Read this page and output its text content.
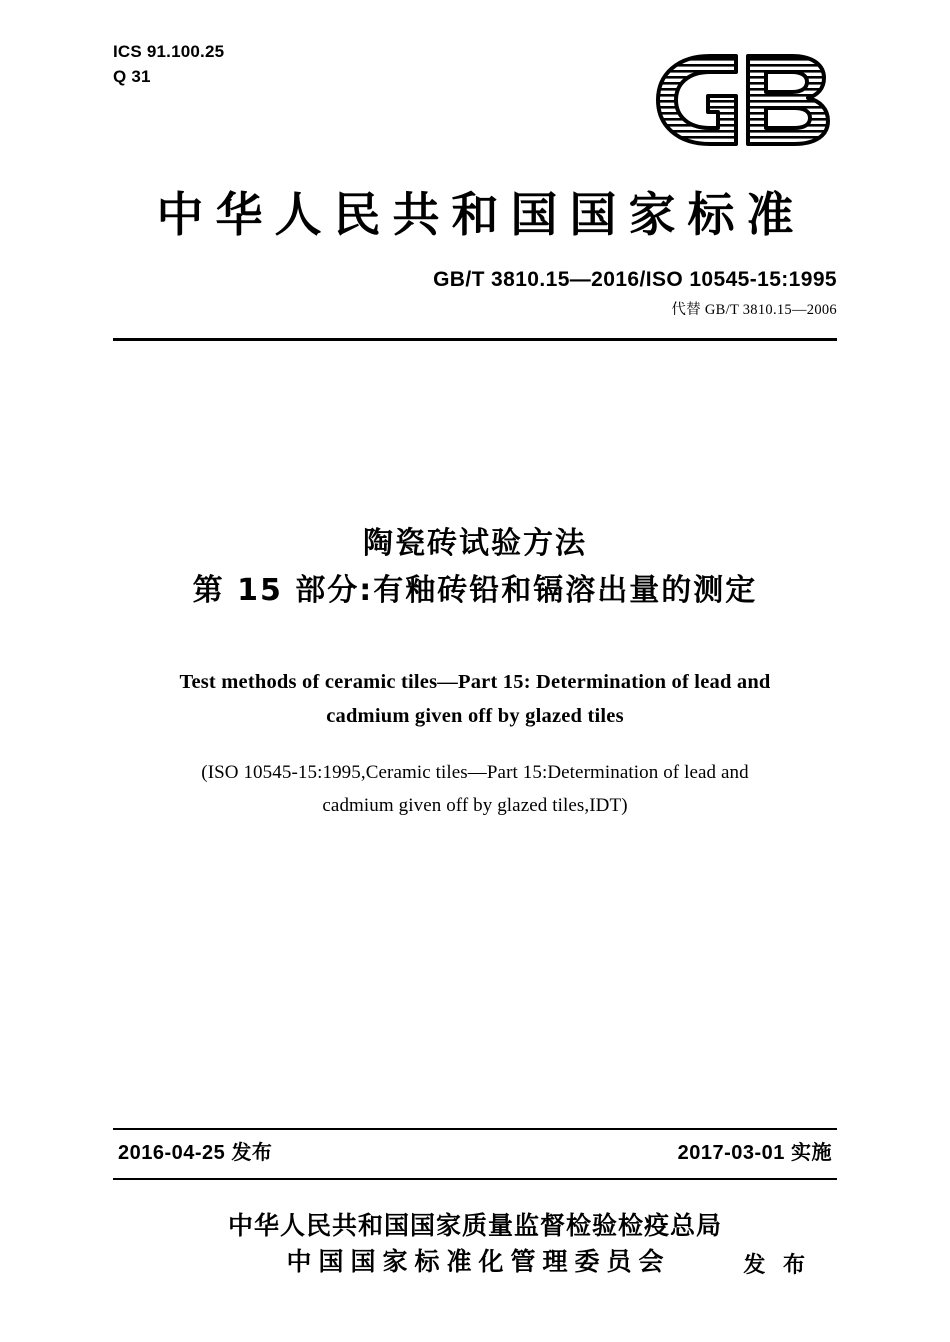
ICS 91.100.25
Q 31
中华人民共和国国家标准
GB/T 3810.15—2016/ISO 10545-15:1995
代替 GB/T 3810.15—2006
陶瓷砖试验方法
第 15 部分:有釉砖铅和镉溶出量的测定
Test methods of ceramic tiles—Part 15: Determination of lead and
cadmium given off by glazed tiles
(ISO 10545-15:1995,Ceramic tiles—Part 15:Determination of lead and
cadmium given off by glazed tiles,IDT)
2016-04-25 发布	2017-03-01 实施
中华人民共和国国家质量监督检验检疫总局
中国国家标准化管理委员会	发 布
